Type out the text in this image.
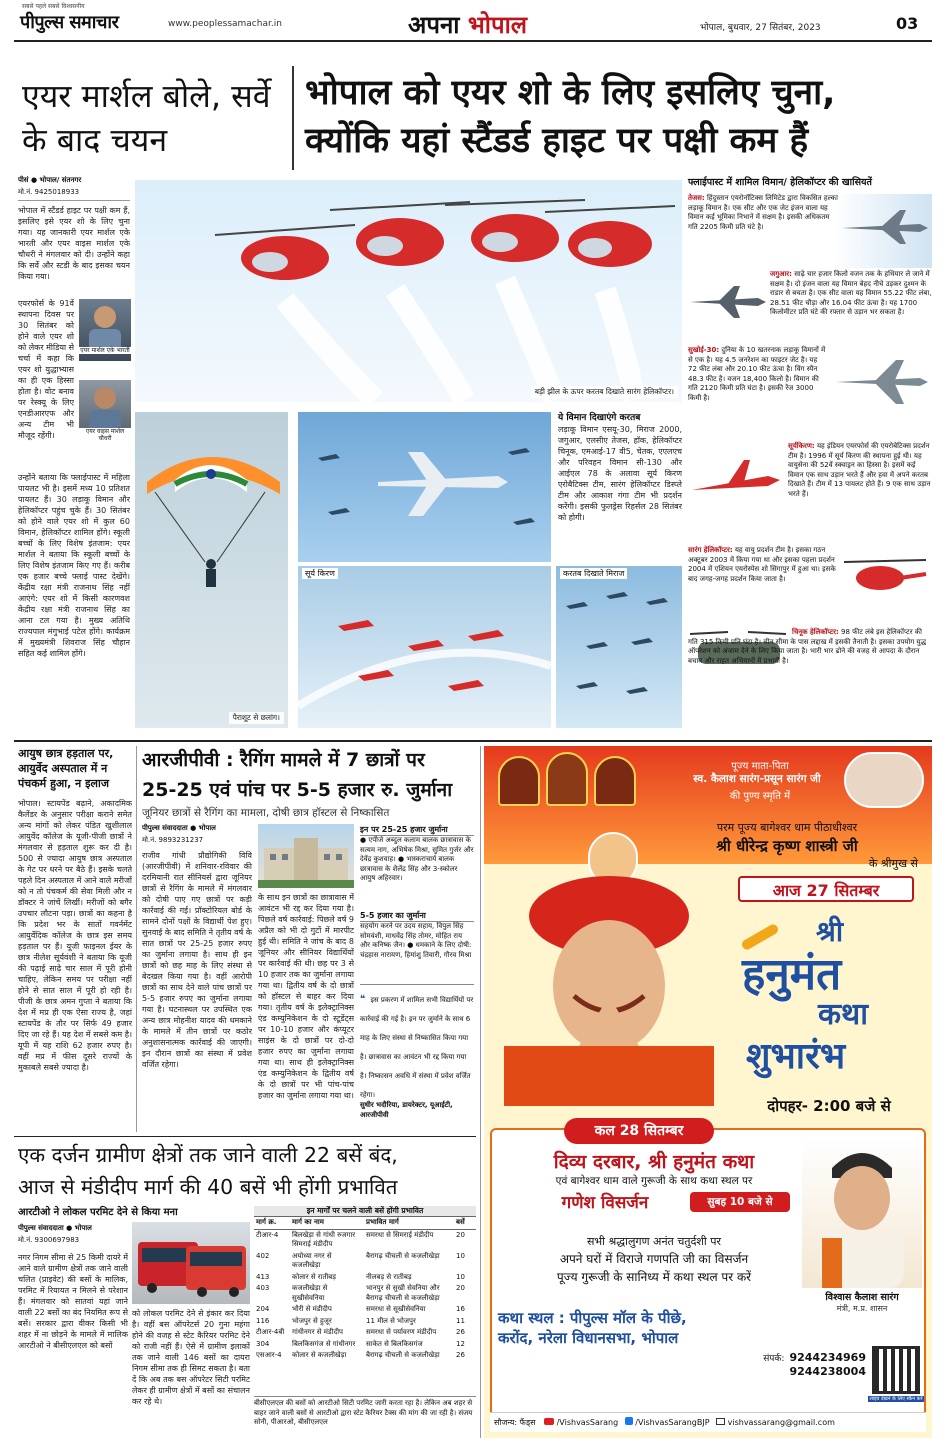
सबसे पहले सबसे विश्वसनीय
पीपुल्स समाचार	www.peoplessamachar.in	अपना भोपाल	भोपाल, बुधवार, 27 सितंबर, 2023	03
एयर मार्शल बोले, सर्वे के बाद चयन
भोपाल को एयर शो के लिए इसलिए चुना,
क्योंकि यहां स्टैंडर्ड हाइट पर पक्षी कम हैं
पीसं ● भोपाल/ संतनगर
मो.नं. 9425018933
भोपाल में स्टैंडर्ड हाइट पर पक्षी कम हैं, इसलिए इसे एयर शो के लिए चुना गया। यह जानकारी एयर मार्शल एके भारती और एयर वाइस मार्शल एके चौधरी ने मंगलवार को दी। उन्होंने कहा कि सर्वे और स्टडी के बाद इसका चयन किया गया।
एयरफोर्स के 91वें स्थापना दिवस पर 30 सितंबर को होने वाले एयर शो को लेकर मीडिया से चर्चा में कहा कि एयर शो युद्धाभ्यास का ही एक हिस्सा होता है। वोट बनाव पर रेस्क्यू के लिए एनडीआरएफ और अन्य टीम भी मौजूद रहेंगी।
एयर मार्शल एके भारती
एयर वाइस मार्शल चौधरी
उन्होंने बताया कि फ्लाईपास्ट में महिला पायलट भी है। इसमें मध्य 10 प्रतिशत पायलट हैं। 30 लड़ाकू विमान और हेलिकॉप्टर पहुंच चुके हैं। 30 सितंबर को होने वाले एयर शो में कुल 60 विमान, हेलिकॉप्टर शामिल होंगे। स्कूली बच्चों के लिए विशेष इंतजाम: एयर मार्शल ने बताया कि स्कूली बच्चों के लिए विशेष इंतजाम किए गए हैं। करीब एक हजार बच्चे फ्लाई पास्ट देखेंगे। केंद्रीय रक्षा मंत्री राजनाथ सिंह नहीं आएंगे: एयर शो में किसी कारणवश केंद्रीय रक्षा मंत्री राजनाथ सिंह का आना टल गया है। मुख्य अतिथि राज्यपाल मंगुभाई पटेल होंगे। कार्यक्रम में मुख्यमंत्री शिवराज सिंह चौहान सहित कई शामिल होंगे।
बड़ी झील के ऊपर करतब दिखाते सारंग हेलिकॉप्टर।
पैराशूट से छलांग।
सूर्य किरण
ये विमान दिखाएंगे करतब
लड़ाकू विमान एसयू-30, मिराज 2000, जगुआर, एलसीए तेजस, हॉक, हेलिकॉप्टर चिनूक, एमआई-17 वी5, चेतक, एएलएच और परिवहन विमान सी-130 और आईएल 78 के अलावा सूर्य किरण एरोबैटिक्स टीम, सारंग हेलिकॉप्टर डिस्प्ले टीम और आकाश गंगा टीम भी प्रदर्शन करेंगी। इसकी फुलड्रेस रिहर्सल 28 सितंबर को होगी।
करतब दिखाते मिराज
फ्लाईपास्ट में शामिल विमान/ हेलिकॉप्टर की खासियतें
तेजस: हिंदुस्तान एयरोनॉटिक्स लिमिटेड द्वारा विकसित हल्का लड़ाकू विमान है। एक सीट और एक जेट इंजन वाला यह विमान कई भूमिका निभाने में सक्षम है। इसकी अधिकतम गति 2205 किमी प्रति घंटे है।
जगुआर: साढ़े चार हजार किलो वजन तक के हथियार ले जाने में सक्षम है। दो इंजन वाला यह विमान बेहद नीचे उड़कर दुश्मन के राडार से बचता है। एक सीट वाला यह विमान 55.22 फीट लंबा, 28.51 फीट चौड़ा और 16.04 फीट ऊंचा है। यह 1700 किलोमीटर प्रति घंटे की रफ्तार से उड़ान भर सकता है।
सुखोई-30: दुनिया के 10 खतरनाक लड़ाकू विमानों में से एक है। यह 4.5 जनरेशन का फाइटर जेट है। यह 72 फीट लंबा और 20.10 फीट ऊंचा है। विंग स्पैन 48.3 फीट है। वजन 18,400 किलो है। विमान की गति 2120 किमी प्रति घंटा है। इसकी रेंज 3000 किमी है।
सूर्यकिरण: यह इंडियन एयरफोर्स की एयरोबेटिक्स प्रदर्शन टीम है। 1996 में सूर्य किरण की स्थापना हुई थी। यह वायुसेना की 52वें स्क्वाड्रन का हिस्सा है। इसमें कई विमान एक साथ उड़ान भरते हैं और हवा में अपने करतब दिखाते हैं। टीम में 13 पायलट होते हैं। 9 एक साथ उड़ान भरते हैं।
सारंग हेलिकॉप्टर: यह वायु प्रदर्शन टीम है। इसका गठन अक्टूबर 2003 में किया गया था और इसका पहला प्रदर्शन 2004 में एशियन एयरोस्पेस शो सिंगापुर में हुआ था। इसके बाद जगह-जगह प्रदर्शन किया जाता है।
चिनूक हेलिकॉप्टर: 98 फीट लंबे इस हेलिकॉप्टर की गति 315 किमी प्रति घंटा है। चीन सीमा के पास लद्दाख में इसकी तैनाती है। इसका उपयोग युद्ध ऑपरेशन को अंजाम देने के लिए किया जाता है। भारी भार ढोने की वजह से आपदा के दौरान बचाव और राहत अभियानों में प्रभावी है।
आयुष छात्र हड़ताल पर, आयुर्वेद अस्पताल में न पंचकर्म हुआ, न इलाज
भोपाल। स्टायपेंड बढ़ाने, अकादमिक कैलेंडर के अनुसार परीक्षा कराने समेत अन्य मांगों को लेकर पंडित खुशीलाल आयुर्वेद कॉलेज के यूजी-पीजी छात्रों ने मंगलवार से हड़ताल शुरू कर दी है। 500 से ज्यादा आयुष छात्र अस्पताल के गेट पर धरने पर बैठे हैं। इसके चलते पहले दिन अस्पताल में आने वाले मरीजों को न तो पंचकर्म की सेवा मिली और न डॉक्टर ने जांचें लिखीं। मरीजों को बगैर उपचार लौटना पड़ा। छात्रों का कहना है कि प्रदेश भर के सातों गवर्नमेंट आयुर्वेदिक कॉलेज के छात्र इस समय हड़ताल पर हैं। यूजी फाइनल ईयर के छात्र नीलेश सूर्यवंशी ने बताया कि यूजी की पढ़ाई साढ़े चार साल में पूरी होनी चाहिए, लेकिन समय पर परीक्षा नहीं होने से सात साल में पूरी हो रही है। पीजी के छात्र अमन गुप्ता ने बताया कि देश में मप्र ही एक ऐसा राज्य है, जहां स्टायपेंड के तौर पर सिर्फ 49 हजार दिए जा रहे हैं। यह देश में सबसे कम है। यूपी में यह राशि 62 हजार रुपए है। वहीं मप्र में फीस दूसरे राज्यों के मुकाबले सबसे ज्यादा है।
आरजीपीवी : रैगिंग मामले में 7 छात्रों पर
25-25 एवं पांच पर 5-5 हजार रु. जुर्माना
जूनियर छात्रों से रैगिंग का मामला, दोषी छात्र हॉस्टल से निष्कासित
पीपुल्स संवाददाता ● भोपाल
मो.नं. 9893231237
राजीव गांधी प्रौद्योगिकी विवि (आरजीपीवी) में शनिवार-रविवार की दरमियानी रात सीनियर्स द्वारा जूनियर छात्रों से रैगिंग के मामले में मंगलवार को दोषी पाए गए छात्रों पर कड़ी कार्रवाई की गई। प्रॉक्टोरियल बोर्ड के सामने दोनों पक्षों के विद्यार्थी पेश हुए। सुनवाई के बाद समिति ने तृतीय वर्ष के सात छात्रों पर 25-25 हजार रुपए का जुर्माना लगाया है। साथ ही इन छात्रों को छह माह के लिए संस्था से बेदखल किया गया है। वहीं आरोपी छात्रों का साथ देने वाले पांच छात्रों पर 5-5 हजार रुपए का जुर्माना लगाया गया है। घटनास्थल पर उपस्थित एक अन्य छात्र मोहनीश यादव की धमकाने के मामले में तीन छात्रों पर कठोर अनुशासनात्मक कार्रवाई की जाएगी। इन दौरान छात्रों का संस्था में प्रवेश वर्जित रहेगा।
के साथ इन छात्रों का छात्रावास में आवंटन भी रद्द कर दिया गया है। पिछले वर्ष कार्रवाई: पिछले वर्ष 9 अप्रैल को भी दो गुटों में मारपीट हुई थी। समिति ने जांच के बाद 8 जूनियर और सीनियर विद्यार्थियों पर कार्रवाई की थी। छह पर 3 से 10 हजार तक का जुर्माना लगाया गया था। द्वितीय वर्ष के दो छात्रों को हॉस्टल से बाहर कर दिया गया। तृतीय वर्ष के इलेक्ट्रानिक्स एंड कम्युनिकेशन के दो स्टूडेंट्स पर 10-10 हजार और कंप्यूटर साइंस के दो छात्रों पर दो-दो हजार रुपए का जुर्माना लगाया गया था। साथ ही इलेक्ट्रानिक्स एंड कम्युनिकेशन के द्वितीय वर्ष के दो छात्रों पर भी पांच-पांच हजार का जुर्माना लगाया गया था।
इन पर 25-25 हजार जुर्माना
● एपीजे अब्दुल कलाम बालक छात्रावास के सत्यम नाग, अभिषेक मिश्रा, सुमित गुर्जर और देवेंद्र कुशवाह। ● भास्कराचार्य बालक छात्रावास के शैलेंद्र सिंह और 3-स्कोलर आयुष अहिरवार।
5-5 हजार का जुर्माना
सहयोग करने पर उदय सहाय, विपुल सिंह सोमवंशी, माधवेंद्र सिंह तोमर, मोहित राय और कनिष्क जैन। ● धमकाने के लिए दोषी: चंद्रहास नारायण, हिमांशु तिवारी, गौरव मिश्रा
❝ इस प्रकरण में शामिल सभी विद्यार्थियों पर कार्रवाई की गई है। इन पर जुर्माने के साथ 6 माह के लिए संस्था से निष्कासित किया गया है। छात्रावास का आवंटन भी रद्द किया गया है। निष्कासन अवधि में संस्था में प्रवेश वर्जित रहेगा।
सुधीर भदौरिया, डायरेक्टर, यूआईटी, आरजीपीवी
एक दर्जन ग्रामीण क्षेत्रों तक जाने वाली 22 बसें बंद,
आज से मंडीदीप मार्ग की 40 बसें भी होंगी प्रभावित
आरटीओ ने लोकल परमिट देने से किया मना
पीपुल्स संवाददाता ● भोपाल
मो.नं. 9300697983
नगर निगम सीमा से 25 किमी दायरे में आने वाले ग्रामीण क्षेत्रों तक जाने वाली चलित (प्राइवेट) की बसों के मालिक, परमिट में रियायत न मिलने से परेशान हैं। मंगलवार को सातवां यहां जाने वाली 22 बसों का बंद नियमित रूप से बसें। सरकार द्वारा वीकर किसी भी शहर में ना छोड़ने के मामले में मालिक आरटीओ ने बीसीएलएल को बसों
को लोकल परमिट देने से इंकार कर दिया है। वहीं बस ऑपरेटर्स 20 गुना महंगा होने की वजह से स्टेट कैरियर परमिट देने को राजी नहीं हैं। ऐसे में ग्रामीण इलाकों तक जाने वाली 146 बसों का दायरा निगम सीमा तक ही सिमट सकता है। बता दें कि अब तक बस ऑपरेटर सिटी परमिट लेकर ही ग्रामीण क्षेत्रों में बसों का संचालन कर रहे थे।
इन मार्गों पर चलने वाली बसें होंगी प्रभावित
मार्ग क्र.	मार्ग का नाम	प्रभावित मार्ग	बसें
टीआर-4	बिलखेड़ा से गांधी रुजगार सिमराई मंडीदीप	समरधा से सिमराई मंडीदीप	20
402	अयोध्या नगर से कजलीखेड़ा	बैरागढ़ चीचली से कजलीखेड़ा	10
413	कोलार से रातीबड़	नीलबड़ से रातीबड़	10
403	कजलीखेड़ा से सुखीसेवनिया	भानपुर से सुखी सेवनिया और बैरागढ़ चीचली से कजलीखेड़ा	20
204	भौरी से मंडीदीप	समरधा से सूखीसेवनिया	16
116	भोजपुर से हुजूर	11 मील से भोजपुर	11
टीआर-4बी	गांधीनगर से मंडीदीप	समरधा से पर्यावरण मंडीदीप	26
304	बिलकिसगंज से गांधीनगर	साकेत से बिलकिसगंज	12
एसआर-4	कोलार से कजलीखेड़ा	बैरागढ़ चीचली से कजलीखेड़ा	26
बीसीएलएल की बसों को आरटीओ सिटी परमिट जारी करता रहा है। लेकिन अब शहर से बाहर जाने वाली बसों से आरटीओ द्वारा स्टेट कैरियर टैक्स की मांग की जा रही है। संजय सोनी, पीआरओ, बीसीएलएल
पूज्य माता-पिता
स्व. कैलाश सारंग-प्रसून सारंग जी
की पुण्य स्मृति में
परम पूज्य बागेश्वर धाम पीठाधीश्वर
श्री धीरेन्द्र कृष्ण शास्त्री जी
के श्रीमुख से
आज 27 सितम्बर
श्री
हनुमंत
कथा
शुभारंभ
दोपहर- 2:00 बजे से
कल 28 सितम्बर
दिव्य दरबार, श्री हनुमंत कथा
एवं बागेश्वर धाम वाले गुरूजी के साथ कथा स्थल पर
गणेश विसर्जन	सुबह 10 बजे से
सभी श्रद्धालुगण अनंत चतुर्दशी पर
अपने घरों में विराजे गणपति जी का विसर्जन
पूज्य गुरूजी के सानिध्य में कथा स्थल पर करें
विश्वास कैलाश सारंग
मंत्री, म.प्र. शासन
कथा स्थल : पीपुल्स मॉल के पीछे,
करोंद, नरेला विधानसभा, भोपाल
संपर्क: 9244234969
9244238004
लाइव देखने के लिए स्कैन करें
सौजन्य: फैंड्स	/VishvasSarang /VishvasSarangBJP vishvassarang@gmail.com
